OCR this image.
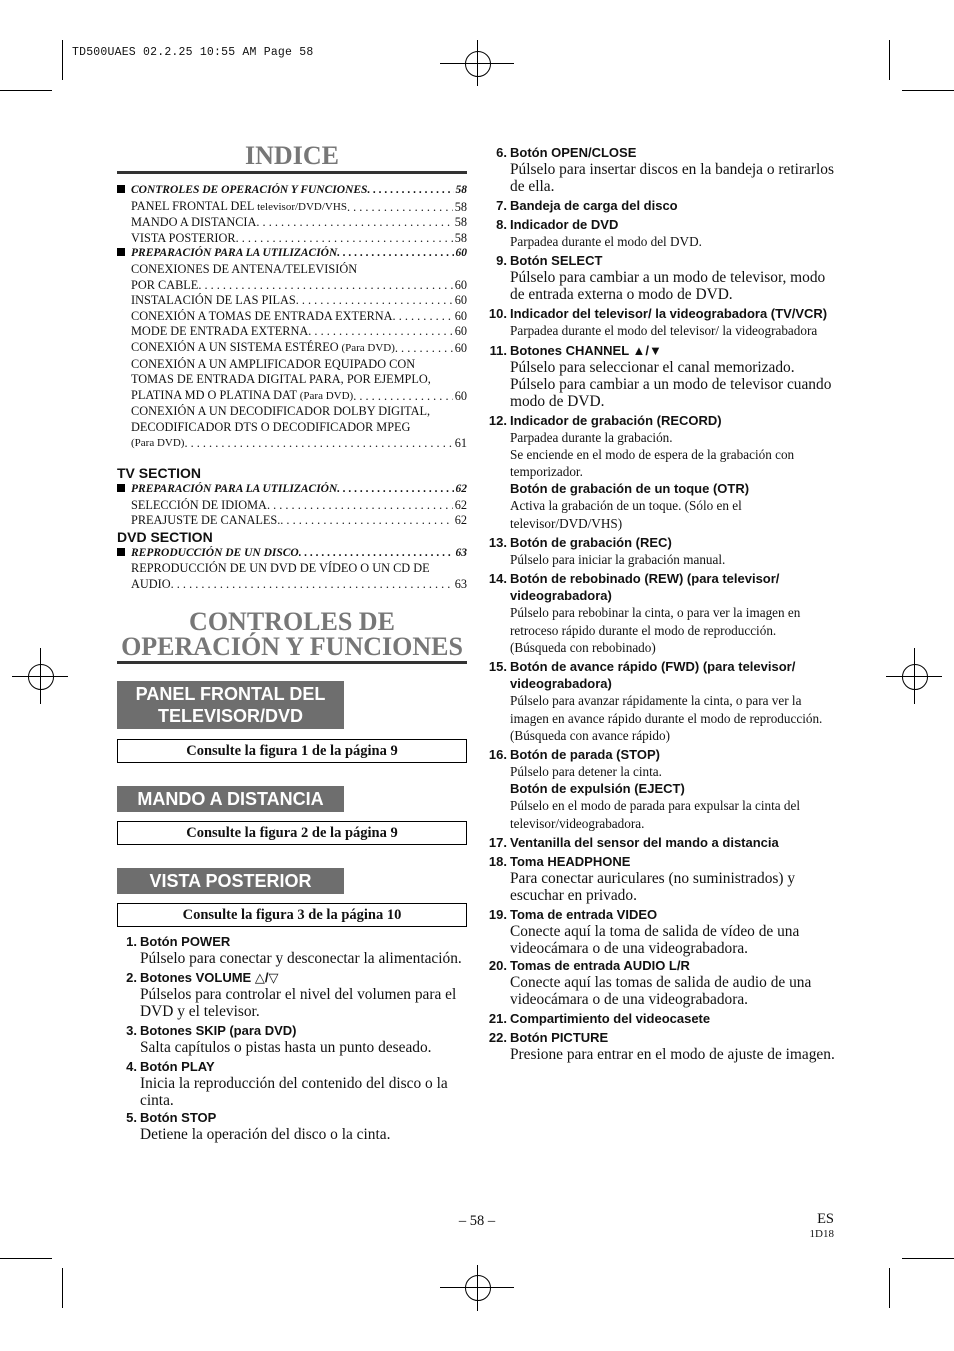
TD500UAES 02.2.25 10:55 AM Page 58
INDICE
CONTROLES DE OPERACIÓN Y FUNCIONES . . .	58
PANEL FRONTAL DEL televisor/DVD/VHS . . .	58
MANDO A DISTANCIA . . .	58
VISTA POSTERIOR . . .	58
PREPARACIÓN PARA LA UTILIZACIÓN . . .	60
CONEXIONES DE ANTENA/TELEVISIÓN
POR CABLE . . .	60
INSTALACIÓN DE LAS PILAS . . .	60
CONEXIÓN A TOMAS DE ENTRADA EXTERNA . . .	60
MODE DE ENTRADA EXTERNA . . .	60
CONEXIÓN A UN SISTEMA ESTÉREO (Para DVD) . . .	60
CONEXIÓN A UN AMPLIFICADOR EQUIPADO CON
TOMAS DE ENTRADA DIGITAL PARA, POR EJEMPLO,
PLATINA MD O PLATINA DAT (Para DVD) . . .	60
CONEXIÓN A UN DECODIFICADOR DOLBY DIGITAL,
DECODIFICADOR DTS O DECODIFICADOR MPEG
(Para DVD) . . .	61
TV SECTION
PREPARACIÓN PARA LA UTILIZACIÓN . . .	62
SELECCIÓN DE IDIOMA . . .	62
PREAJUSTE DE CANALES. . . .	62
DVD SECTION
REPRODUCCIÓN DE UN DISCO . . .	63
REPRODUCCIÓN DE UN DVD DE VÍDEO O UN CD DE
AUDIO . . .	63
CONTROLES DE
OPERACIÓN Y FUNCIONES
PANEL FRONTAL DEL
TELEVISOR/DVD
Consulte la figura 1 de la página 9
MANDO A DISTANCIA
Consulte la figura 2 de la página 9
VISTA POSTERIOR
Consulte la figura 3 de la página 10
1. Botón POWER
Púlselo para conectar y desconectar la alimentación.
2. Botones VOLUME △/▽
Púlselos para controlar el nivel del volumen para el DVD y el televisor.
3. Botones SKIP (para DVD)
Salta capítulos o pistas hasta un punto deseado.
4. Botón PLAY
Inicia la reproducción del contenido del disco o la cinta.
5. Botón STOP
Detiene la operación del disco o la cinta.
6. Botón OPEN/CLOSE
Púlselo para insertar discos en la bandeja o retirarlos de ella.
7. Bandeja de carga del disco
8. Indicador de DVD
Parpadea durante el modo del DVD.
9. Botón SELECT
Púlselo para cambiar a un modo de televisor, modo de entrada externa o modo de DVD.
10. Indicador del televisor/ la videograbadora (TV/VCR)
Parpadea durante el modo del televisor/ la videograbadora
11. Botones CHANNEL ▲/▼
Púlselo para seleccionar el canal memorizado. Púlselo para cambiar a un modo de televisor cuando modo de DVD.
12. Indicador de grabación (RECORD)
Parpadea durante la grabación.
Se enciende en el modo de espera de la grabación con temporizador.
Botón de grabación de un toque (OTR)
Activa la grabación de un toque. (Sólo en el televisor/DVD/VHS)
13. Botón de grabación (REC)
Púlselo para iniciar la grabación manual.
14. Botón de rebobinado (REW) (para televisor/ videograbadora)
Púlselo para rebobinar la cinta, o para ver la imagen en retroceso rápido durante el modo de reproducción. (Búsqueda con rebobinado)
15. Botón de avance rápido (FWD) (para televisor/ videograbadora)
Púlselo para avanzar rápidamente la cinta, o para ver la imagen en avance rápido durante el modo de reproducción. (Búsqueda con avance rápido)
16. Botón de parada (STOP)
Púlselo para detener la cinta.
Botón de expulsión (EJECT)
Púlselo en el modo de parada para expulsar la cinta del televisor/videograbadora.
17. Ventanilla del sensor del mando a distancia
18. Toma HEADPHONE
Para conectar auriculares (no suministrados) y escuchar en privado.
19. Toma de entrada VIDEO
Conecte aquí la toma de salida de vídeo de una videocámara o de una videograbadora.
20. Tomas de entrada AUDIO L/R
Conecte aquí las tomas de salida de audio de una videocámara o de una videograbadora.
21. Compartimiento del videocasete
22. Botón PICTURE
Presione para entrar en el modo de ajuste de imagen.
– 58 –	ES
1D18
